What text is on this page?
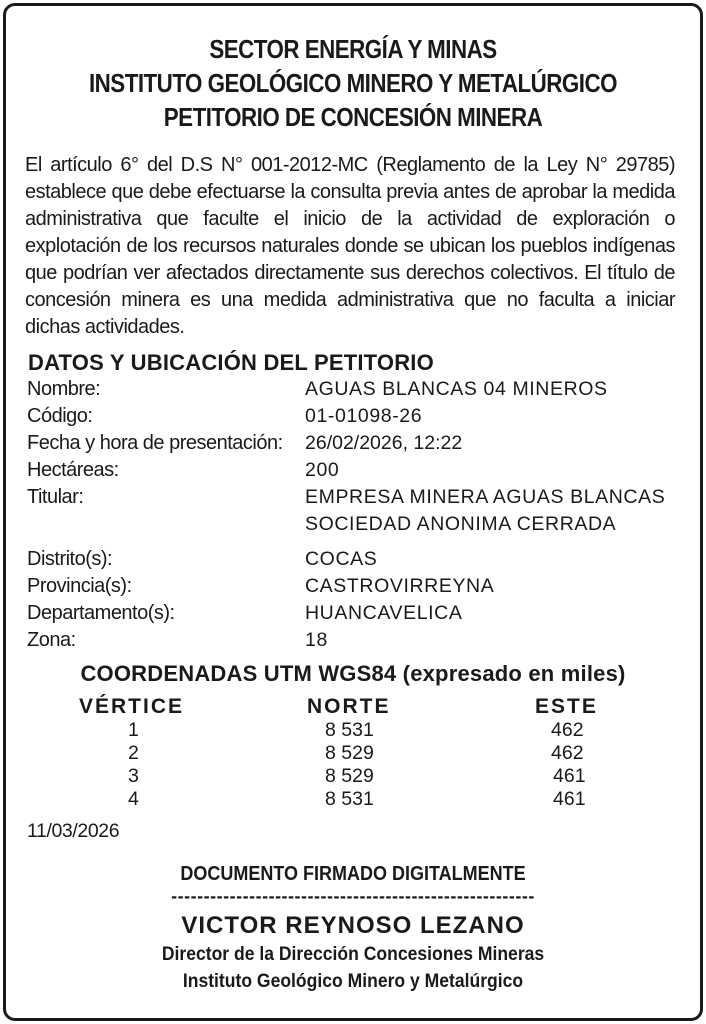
SECTOR ENERGÍA Y MINAS
INSTITUTO GEOLÓGICO MINERO Y METALÚRGICO
PETITORIO DE CONCESIÓN MINERA
El artículo 6° del D.S N° 001-2012-MC (Reglamento de la Ley N° 29785) establece que debe efectuarse la consulta previa antes de aprobar la medida administrativa que faculte el inicio de la actividad de exploración o explotación de los recursos naturales donde se ubican los pueblos indígenas que podrían ver afectados directamente sus derechos colectivos. El título de concesión minera es una medida administrativa que no faculta a iniciar dichas actividades.
DATOS Y UBICACIÓN DEL PETITORIO
Nombre:	AGUAS BLANCAS 04 MINEROS
Código:	01-01098-26
Fecha y hora de presentación: 26/02/2026, 12:22
Hectáreas:	200
Titular:	EMPRESA MINERA AGUAS BLANCAS
SOCIEDAD ANONIMA CERRADA
Distrito(s):	COCAS
Provincia(s):	CASTROVIRREYNA
Departamento(s):	HUANCAVELICA
Zona:	18
COORDENADAS UTM WGS84 (expresado en miles)
VÉRTICE	NORTE	ESTE
1	8 531	462
2	8 529	462
3	8 529	461
4	8 531	461
11/03/2026
DOCUMENTO FIRMADO DIGITALMENTE
--------------------------------------------------------
VICTOR REYNOSO LEZANO
Director de la Dirección Concesiones Mineras
Instituto Geológico Minero y Metalúrgico
